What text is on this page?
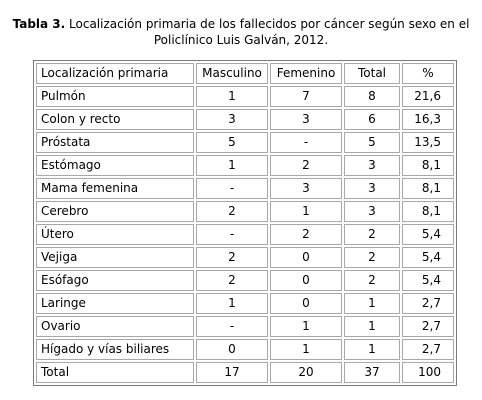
Tabla 3. Localización primaria de los fallecidos por cáncer según sexo en el
Policlínico Luis Galván, 2012.
Localización primaria	Masculino	Femenino	Total	%
Pulmón	1	7	8	21,6
Colon y recto	3	3	6	16,3
Próstata	5	-	5	13,5
Estómago	1	2	3	8,1
Mama femenina	-	3	3	8,1
Cerebro	2	1	3	8,1
Útero	-	2	2	5,4
Vejiga	2	0	2	5,4
Esófago	2	0	2	5,4
Laringe	1	0	1	2,7
Ovario	-	1	1	2,7
Hígado y vías biliares	0	1	1	2,7
Total	17	20	37	100
